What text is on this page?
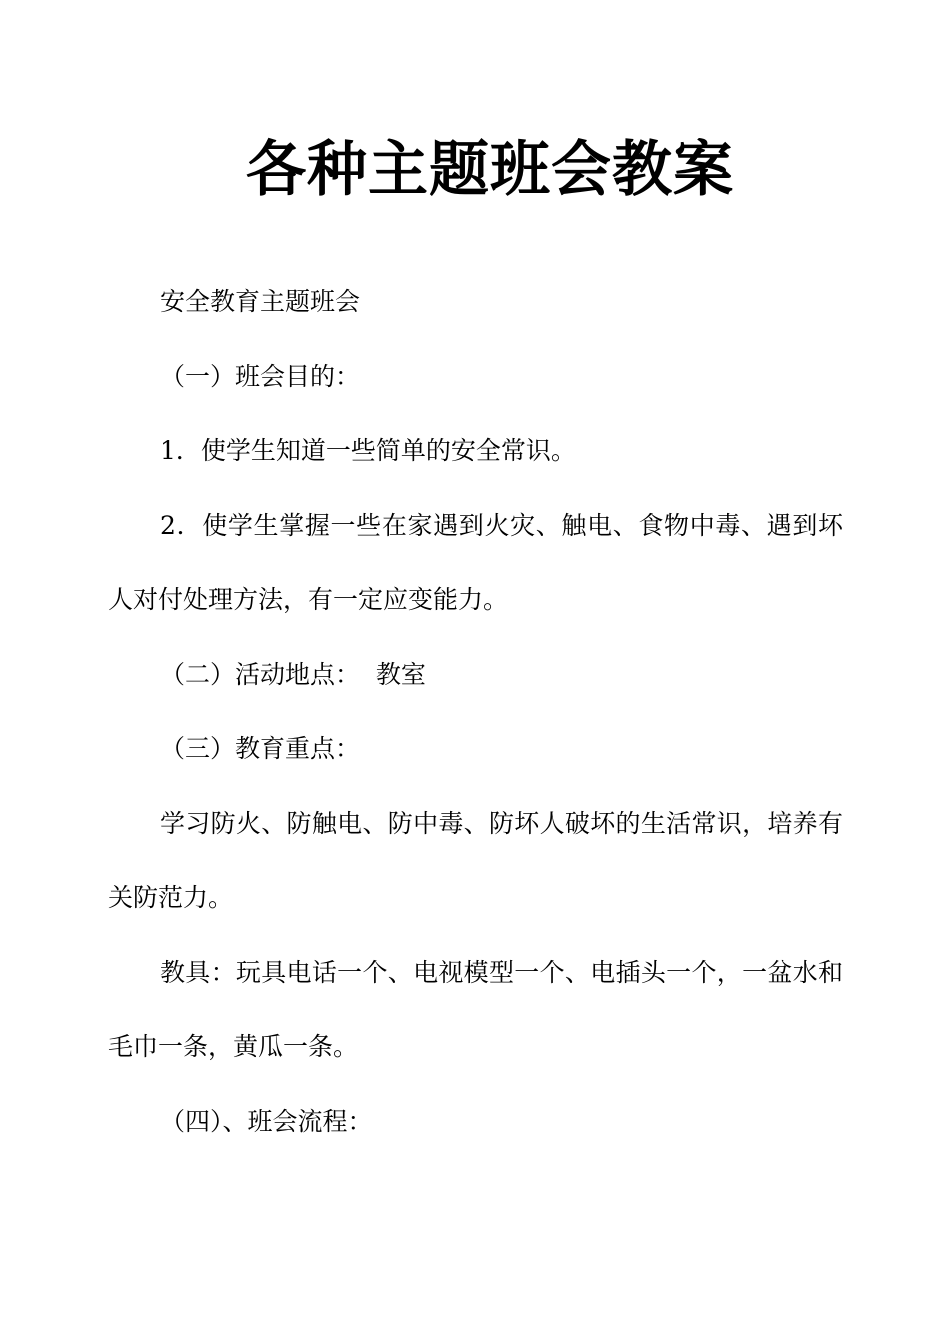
各种主题班会教案

安全教育主题班会

（一）班会目的：

1．使学生知道一些简单的安全常识。

2．使学生掌握一些在家遇到火灾、触电、食物中毒、遇到坏人对付处理方法，有一定应变能力。

（二）活动地点：  教室

（三）教育重点：

学习防火、防触电、防中毒、防坏人破坏的生活常识，培养有关防范力。

教具：玩具电话一个、电视模型一个、电插头一个，一盆水和毛巾一条，黄瓜一条。

（四）、班会流程：
